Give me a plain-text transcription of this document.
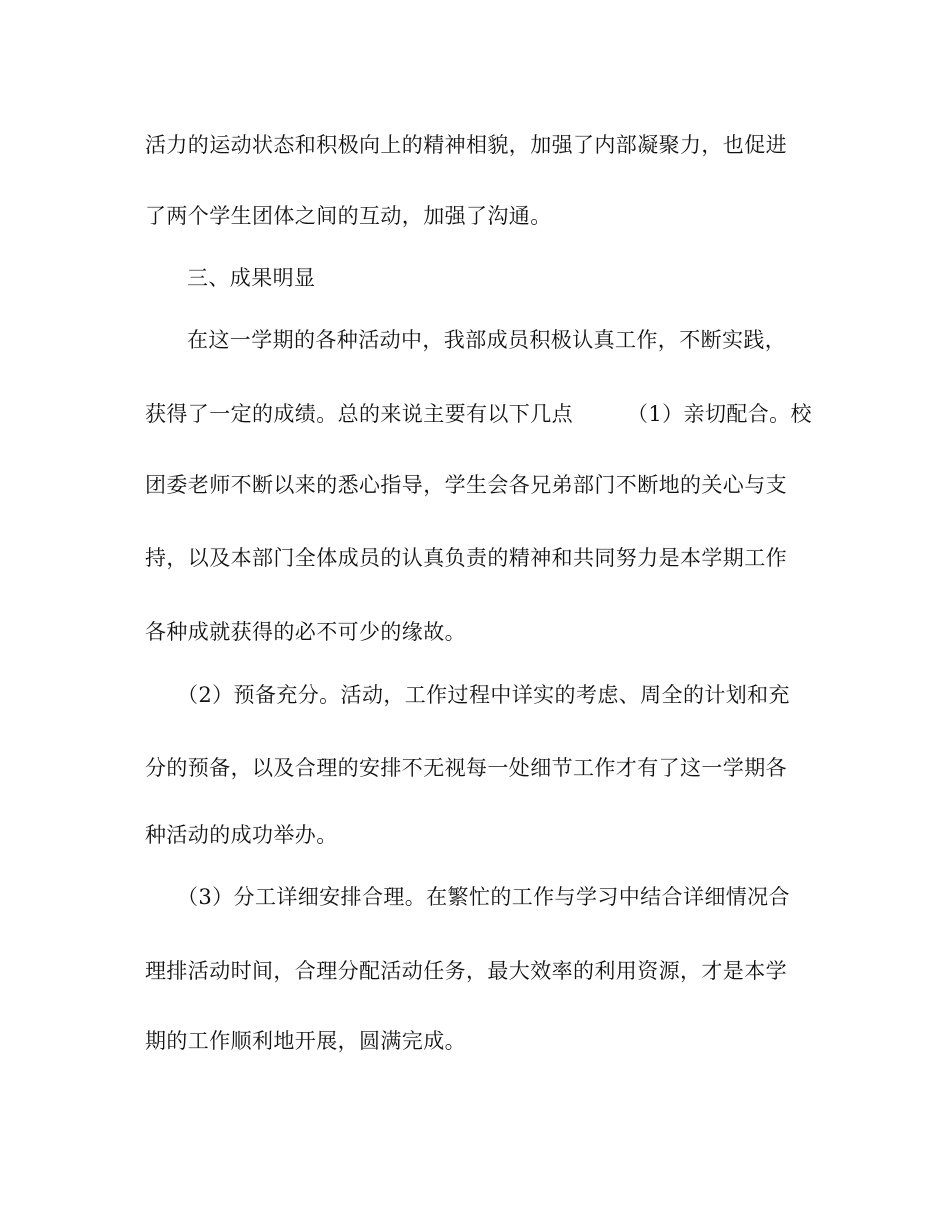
活力的运动状态和积极向上的精神相貌，加强了内部凝聚力，也促进
了两个学生团体之间的互动，加强了沟通。
三、成果明显
在这一学期的各种活动中，我部成员积极认真工作，不断实践，
获得了一定的成绩。总的来说主要有以下几点	（1）亲切配合。校
团委老师不断以来的悉心指导，学生会各兄弟部门不断地的关心与支
持，以及本部门全体成员的认真负责的精神和共同努力是本学期工作
各种成就获得的必不可少的缘故。
（2）预备充分。活动，工作过程中详实的考虑、周全的计划和充
分的预备，以及合理的安排不无视每一处细节工作才有了这一学期各
种活动的成功举办。
（3）分工详细安排合理。在繁忙的工作与学习中结合详细情况合
理排活动时间，合理分配活动任务，最大效率的利用资源，才是本学
期的工作顺利地开展，圆满完成。
